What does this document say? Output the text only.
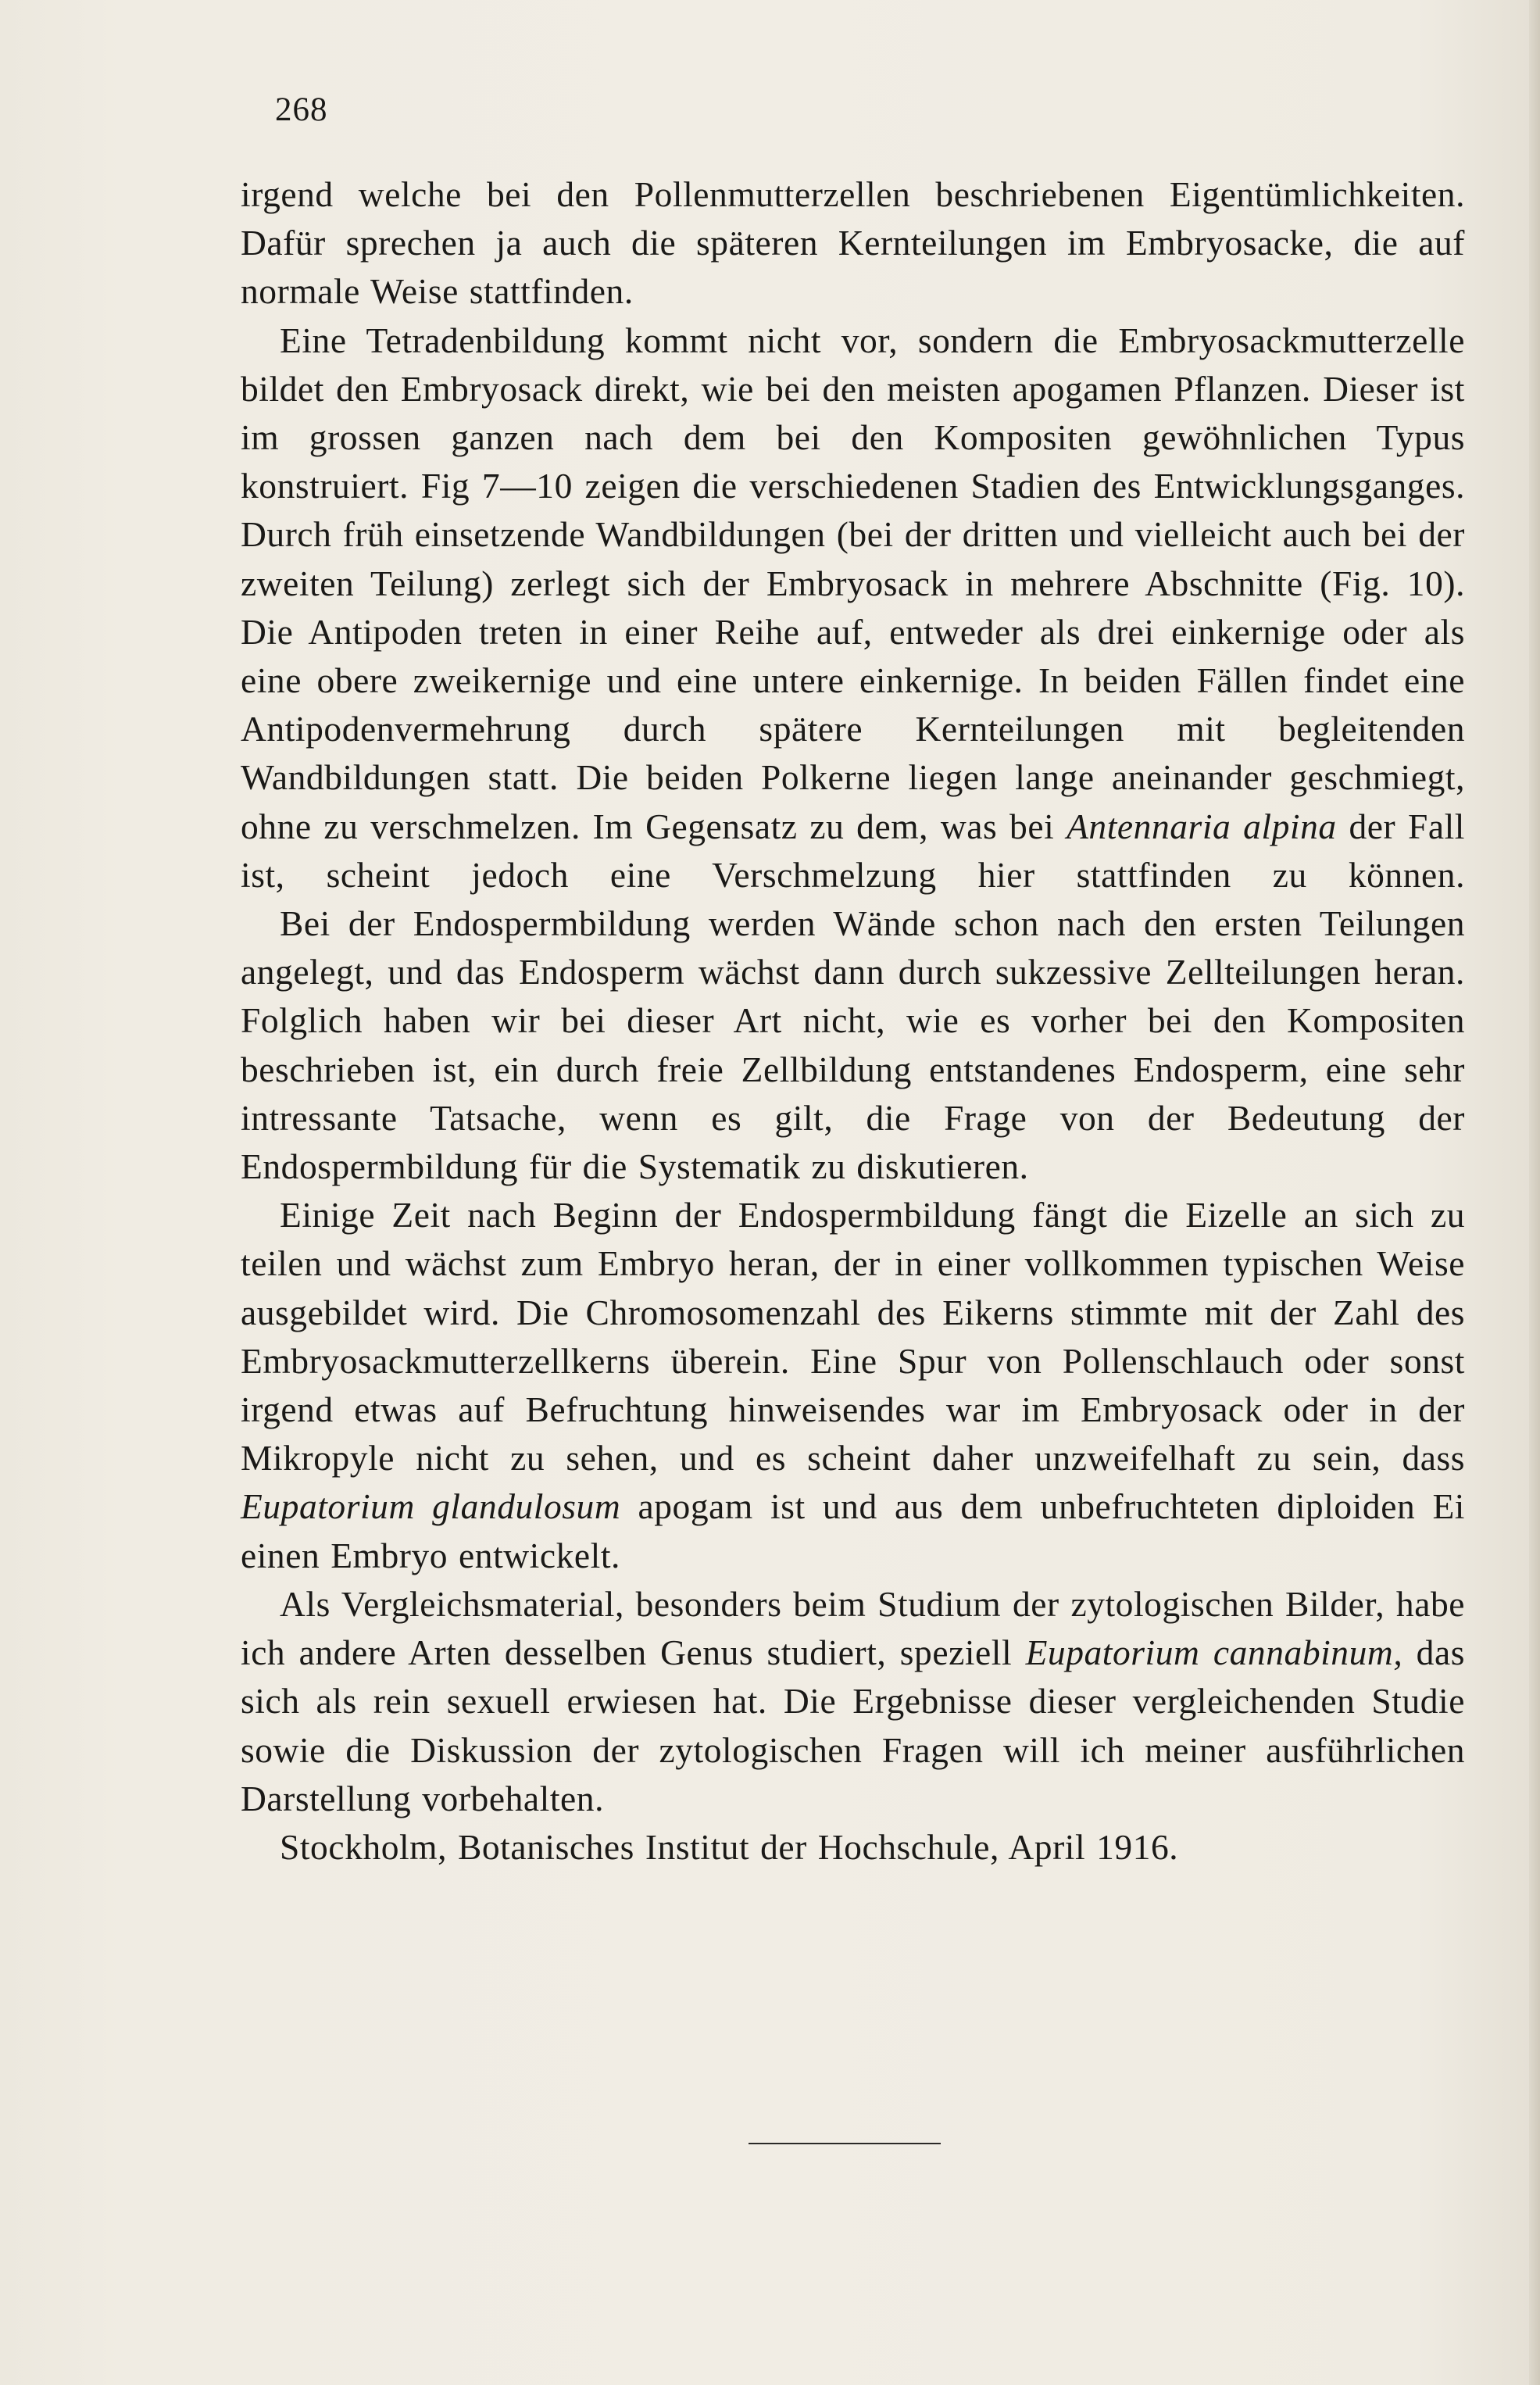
268

irgend welche bei den Pollenmutterzellen beschriebenen Eigentümlichkeiten. Dafür sprechen ja auch die späteren Kernteilungen im Embryosacke, die auf normale Weise stattfinden.

Eine Tetradenbildung kommt nicht vor, sondern die Embryosackmutterzelle bildet den Embryosack direkt, wie bei den meisten apogamen Pflanzen. Dieser ist im grossen ganzen nach dem bei den Kompositen gewöhnlichen Typus konstruiert. Fig 7—10 zeigen die verschiedenen Stadien des Entwicklungsganges. Durch früh einsetzende Wandbildungen (bei der dritten und vielleicht auch bei der zweiten Teilung) zerlegt sich der Embryosack in mehrere Abschnitte (Fig. 10). Die Antipoden treten in einer Reihe auf, entweder als drei einkernige oder als eine obere zweikernige und eine untere einkernige. In beiden Fällen findet eine Antipodenvermehrung durch spätere Kernteilungen mit begleitenden Wandbildungen statt. Die beiden Polkerne liegen lange aneinander geschmiegt, ohne zu verschmelzen. Im Gegensatz zu dem, was bei Antennaria alpina der Fall ist, scheint jedoch eine Verschmelzung hier stattfinden zu können.

Bei der Endospermbildung werden Wände schon nach den ersten Teilungen angelegt, und das Endosperm wächst dann durch sukzessive Zellteilungen heran. Folglich haben wir bei dieser Art nicht, wie es vorher bei den Kompositen beschrieben ist, ein durch freie Zellbildung entstandenes Endosperm, eine sehr intressante Tatsache, wenn es gilt, die Frage von der Bedeutung der Endospermbildung für die Systematik zu diskutieren.

Einige Zeit nach Beginn der Endospermbildung fängt die Eizelle an sich zu teilen und wächst zum Embryo heran, der in einer vollkommen typischen Weise ausgebildet wird. Die Chromosomenzahl des Eikerns stimmte mit der Zahl des Embryosackmutterzellkerns überein. Eine Spur von Pollenschlauch oder sonst irgend etwas auf Befruchtung hinweisendes war im Embryosack oder in der Mikropyle nicht zu sehen, und es scheint daher unzweifelhaft zu sein, dass Eupatorium glandulosum apogam ist und aus dem unbefruchteten diploiden Ei einen Embryo entwickelt.

Als Vergleichsmaterial, besonders beim Studium der zytologischen Bilder, habe ich andere Arten desselben Genus studiert, speziell Eupatorium cannabinum, das sich als rein sexuell erwiesen hat. Die Ergebnisse dieser vergleichenden Studie sowie die Diskussion der zytologischen Fragen will ich meiner ausführlichen Darstellung vorbehalten.

Stockholm, Botanisches Institut der Hochschule, April 1916.
